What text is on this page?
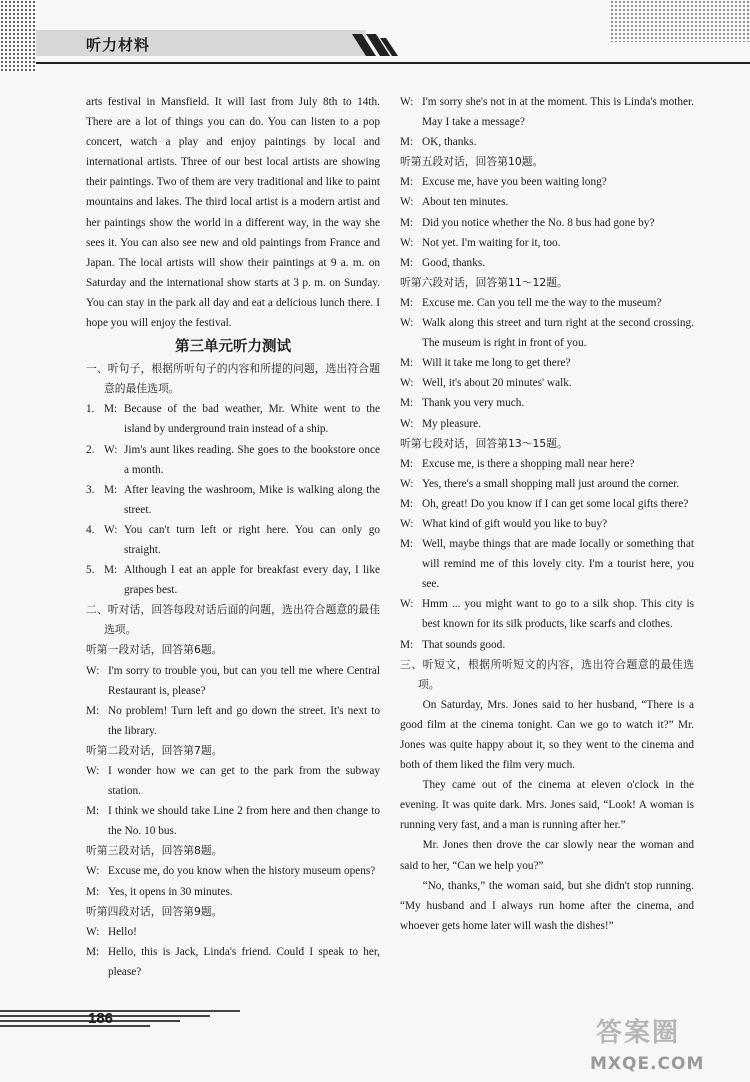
听力材料

arts festival in Mansfield. It will last from July 8th to 14th. There are a lot of things you can do. You can listen to a pop concert, watch a play and enjoy paintings by local and international artists. Three of our best local artists are showing their paintings. Two of them are very traditional and like to paint mountains and lakes. The third local artist is a modern artist and her paintings show the world in a different way, in the way she sees it. You can also see new and old paintings from France and Japan. The local artists will show their paintings at 9 a. m. on Saturday and the international show starts at 3 p. m. on Sunday. You can stay in the park all day and eat a delicious lunch there. I hope you will enjoy the festival.

第三单元听力测试

一、听句子，根据所听句子的内容和所提的问题，选出符合题意的最佳选项。

1. M: Because of the bad weather, Mr. White went to the island by underground train instead of a ship.

2. W: Jim's aunt likes reading. She goes to the bookstore once a month.

3. M: After leaving the washroom, Mike is walking along the street.

4. W: You can't turn left or right here. You can only go straight.

5. M: Although I eat an apple for breakfast every day, I like grapes best.

二、听对话，回答每段对话后面的问题，选出符合题意的最佳选项。

听第一段对话，回答第6题。

W: I'm sorry to trouble you, but can you tell me where Central Restaurant is, please?

M: No problem! Turn left and go down the street. It's next to the library.

听第二段对话，回答第7题。

W: I wonder how we can get to the park from the subway station.

M: I think we should take Line 2 from here and then change to the No. 10 bus.

听第三段对话，回答第8题。

W: Excuse me, do you know when the history museum opens?

M: Yes, it opens in 30 minutes.

听第四段对话，回答第9题。

W: Hello!

M: Hello, this is Jack, Linda's friend. Could I speak to her, please?

W: I'm sorry she's not in at the moment. This is Linda's mother. May I take a message?

M: OK, thanks.

听第五段对话，回答第10题。

M: Excuse me, have you been waiting long?

W: About ten minutes.

M: Did you notice whether the No. 8 bus had gone by?

W: Not yet. I'm waiting for it, too.

M: Good, thanks.

听第六段对话，回答第11～12题。

M: Excuse me. Can you tell me the way to the museum?

W: Walk along this street and turn right at the second crossing. The museum is right in front of you.

M: Will it take me long to get there?

W: Well, it's about 20 minutes' walk.

M: Thank you very much.

W: My pleasure.

听第七段对话，回答第13～15题。

M: Excuse me, is there a shopping mall near here?

W: Yes, there's a small shopping mall just around the corner.

M: Oh, great! Do you know if I can get some local gifts there?

W: What kind of gift would you like to buy?

M: Well, maybe things that are made locally or something that will remind me of this lovely city. I'm a tourist here, you see.

W: Hmm ... you might want to go to a silk shop. This city is best known for its silk products, like scarfs and clothes.

M: That sounds good.

三、听短文，根据所听短文的内容，选出符合题意的最佳选项。

On Saturday, Mrs. Jones said to her husband, “There is a good film at the cinema tonight. Can we go to watch it?” Mr. Jones was quite happy about it, so they went to the cinema and both of them liked the film very much.

They came out of the cinema at eleven o'clock in the evening. It was quite dark. Mrs. Jones said, “Look! A woman is running very fast, and a man is running after her.”

Mr. Jones then drove the car slowly near the woman and said to her, “Can we help you?”

“No, thanks,” the woman said, but she didn't stop running. “My husband and I always run home after the cinema, and whoever gets home later will wash the dishes!”

186	答案圈
MXQE.COM
